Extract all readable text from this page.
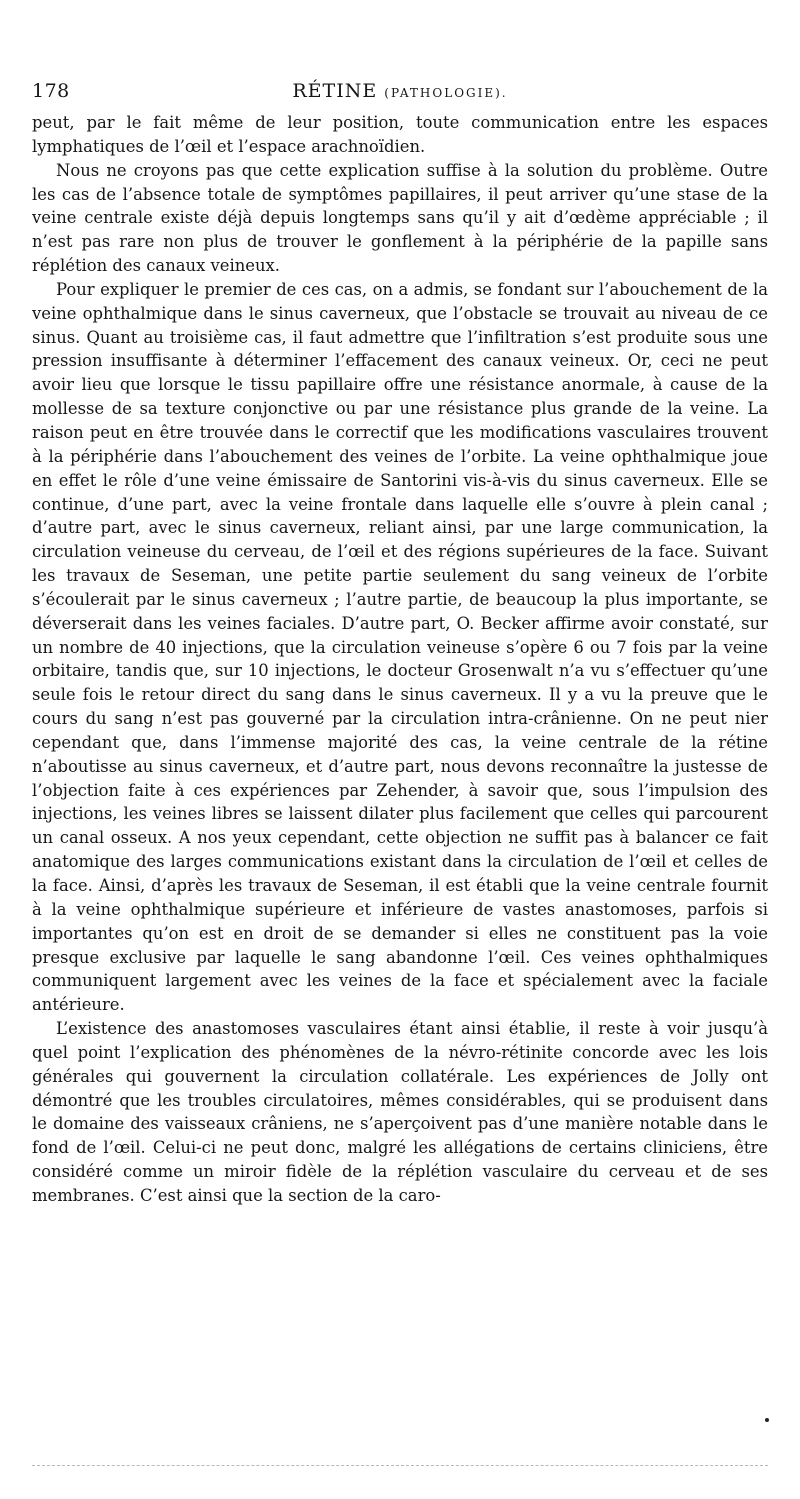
178	RÉTINE (PATHOLOGIE).

peut, par le fait même de leur position, toute communication entre les espaces lymphatiques de l’œil et l’espace arachnoïdien.

Nous ne croyons pas que cette explication suffise à la solution du problème. Outre les cas de l’absence totale de symptômes papillaires, il peut arriver qu’une stase de la veine centrale existe déjà depuis longtemps sans qu’il y ait d’œdème appréciable ; il n’est pas rare non plus de trouver le gonflement à la périphérie de la papille sans réplétion des canaux veineux.

Pour expliquer le premier de ces cas, on a admis, se fondant sur l’abouchement de la veine ophthalmique dans le sinus caverneux, que l’obstacle se trouvait au niveau de ce sinus. Quant au troisième cas, il faut admettre que l’infiltration s’est produite sous une pression insuffisante à déterminer l’effacement des canaux veineux. Or, ceci ne peut avoir lieu que lorsque le tissu papillaire offre une résistance anormale, à cause de la mollesse de sa texture conjonctive ou par une résistance plus grande de la veine. La raison peut en être trouvée dans le correctif que les modifications vasculaires trouvent à la périphérie dans l’abouchement des veines de l’orbite. La veine ophthalmique joue en effet le rôle d’une veine émissaire de Santorini vis-à-vis du sinus caverneux. Elle se continue, d’une part, avec la veine frontale dans laquelle elle s’ouvre à plein canal ; d’autre part, avec le sinus caverneux, reliant ainsi, par une large communication, la circulation veineuse du cerveau, de l’œil et des régions supérieures de la face. Suivant les travaux de Seseman, une petite partie seulement du sang veineux de l’orbite s’écoulerait par le sinus caverneux ; l’autre partie, de beaucoup la plus importante, se déverserait dans les veines faciales. D’autre part, O. Becker affirme avoir constaté, sur un nombre de 40 injections, que la circulation veineuse s’opère 6 ou 7 fois par la veine orbitaire, tandis que, sur 10 injections, le docteur Grosenwalt n’a vu s’effectuer qu’une seule fois le retour direct du sang dans le sinus caverneux. Il y a vu la preuve que le cours du sang n’est pas gouverné par la circulation intra-crânienne. On ne peut nier cependant que, dans l’immense majorité des cas, la veine centrale de la rétine n’aboutisse au sinus caverneux, et d’autre part, nous devons reconnaître la justesse de l’objection faite à ces expériences par Zehender, à savoir que, sous l’impulsion des injections, les veines libres se laissent dilater plus facilement que celles qui parcourent un canal osseux. A nos yeux cependant, cette objection ne suffit pas à balancer ce fait anatomique des larges communications existant dans la circulation de l’œil et celles de la face. Ainsi, d’après les travaux de Seseman, il est établi que la veine centrale fournit à la veine ophthalmique supérieure et inférieure de vastes anastomoses, parfois si importantes qu’on est en droit de se demander si elles ne constituent pas la voie presque exclusive par laquelle le sang abandonne l’œil. Ces veines ophthalmiques communiquent largement avec les veines de la face et spécialement avec la faciale antérieure.

L’existence des anastomoses vasculaires étant ainsi établie, il reste à voir jusqu’à quel point l’explication des phénomènes de la névro-rétinite concorde avec les lois générales qui gouvernent la circulation collatérale. Les expériences de Jolly ont démontré que les troubles circulatoires, mêmes considérables, qui se produisent dans le domaine des vaisseaux crâniens, ne s’aperçoivent pas d’une manière notable dans le fond de l’œil. Celui-ci ne peut donc, malgré les allégations de certains cliniciens, être considéré comme un miroir fidèle de la réplétion vasculaire du cerveau et de ses membranes. C’est ainsi que la section de la caro-
